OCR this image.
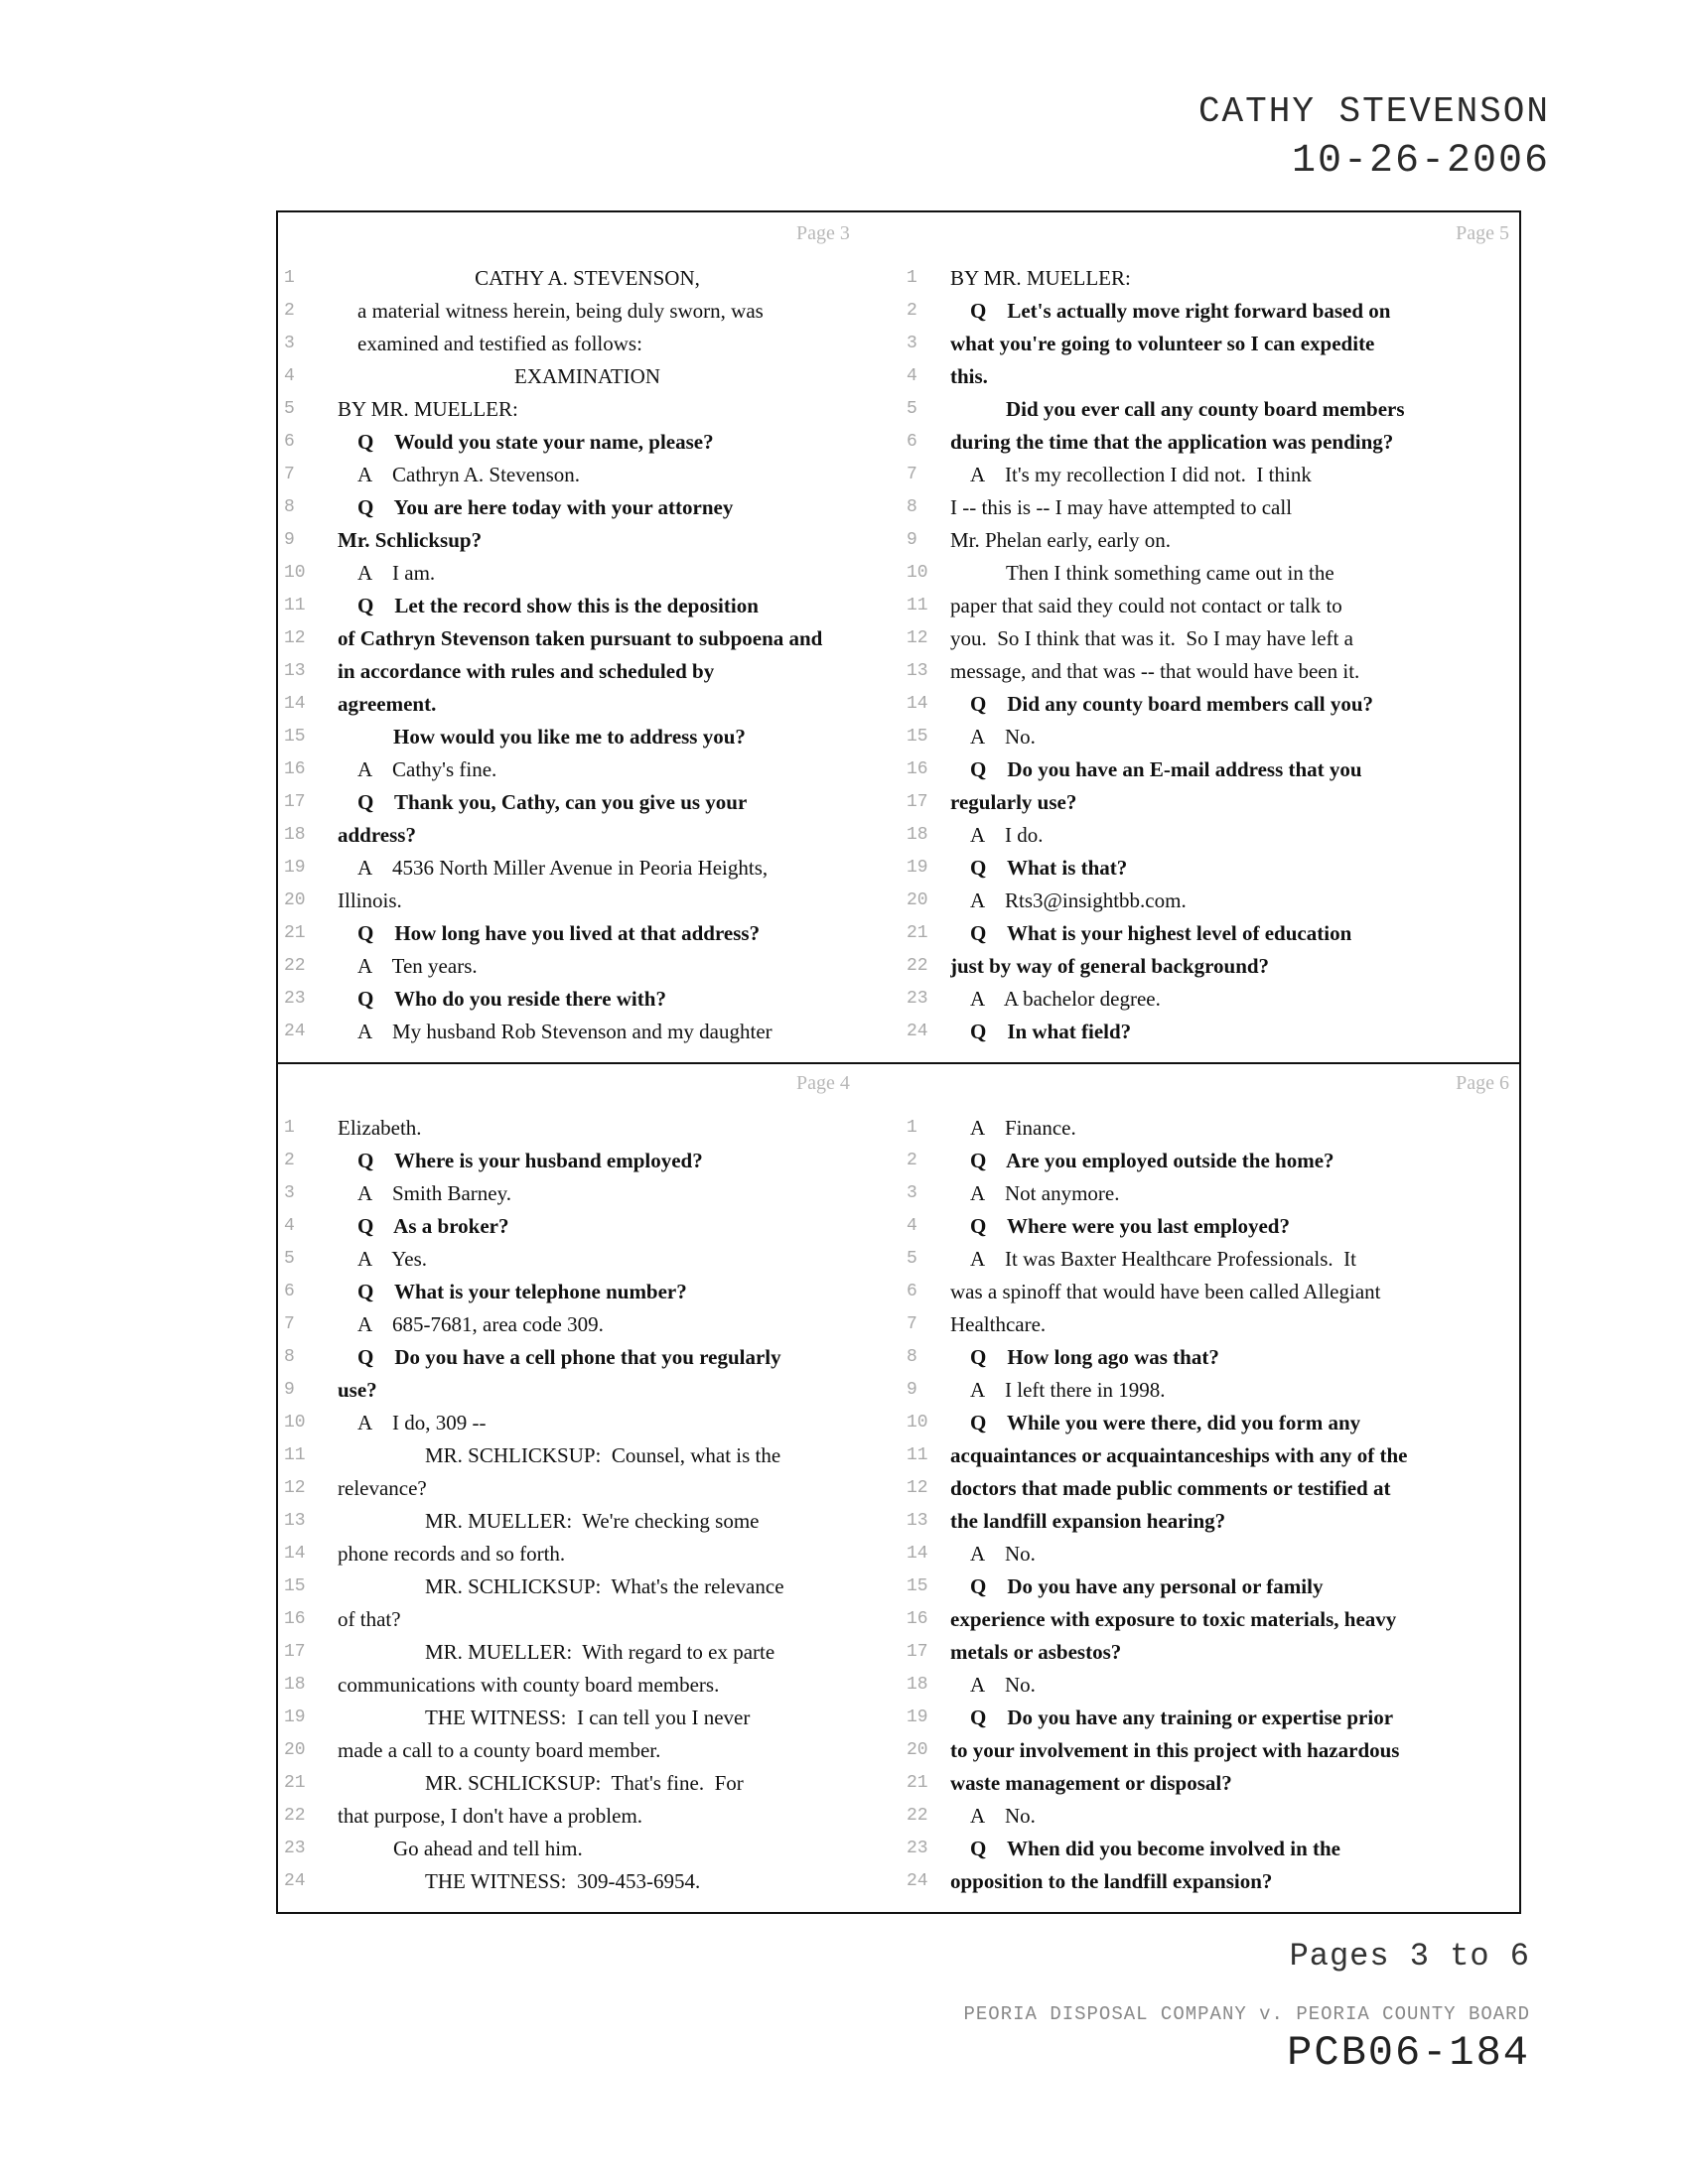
CATHY STEVENSON
10-26-2006
Page 3
1	CATHY A. STEVENSON,
2	a material witness herein, being duly sworn, was
3	examined and testified as follows:
4	EXAMINATION
5	BY MR. MUELLER:
6	Q    Would you state your name, please?
7	A    Cathryn A. Stevenson.
8	Q    You are here today with your attorney
9	Mr. Schlicksup?
10	A    I am.
11	Q    Let the record show this is the deposition
12	of Cathryn Stevenson taken pursuant to subpoena and
13	in accordance with rules and scheduled by
14	agreement.
15	How would you like me to address you?
16	A    Cathy's fine.
17	Q    Thank you, Cathy, can you give us your
18	address?
19	A    4536 North Miller Avenue in Peoria Heights,
20	Illinois.
21	Q    How long have you lived at that address?
22	A    Ten years.
23	Q    Who do you reside there with?
24	A    My husband Rob Stevenson and my daughter
Page 5
1	BY MR. MUELLER:
2	Q    Let's actually move right forward based on
3	what you're going to volunteer so I can expedite
4	this.
5	Did you ever call any county board members
6	during the time that the application was pending?
7	A    It's my recollection I did not.  I think
8	I -- this is -- I may have attempted to call
9	Mr. Phelan early, early on.
10	Then I think something came out in the
11	paper that said they could not contact or talk to
12	you.  So I think that was it.  So I may have left a
13	message, and that was -- that would have been it.
14	Q    Did any county board members call you?
15	A    No.
16	Q    Do you have an E-mail address that you
17	regularly use?
18	A    I do.
19	Q    What is that?
20	A    Rts3@insightbb.com.
21	Q    What is your highest level of education
22	just by way of general background?
23	A    A bachelor degree.
24	Q    In what field?
Page 4
1	Elizabeth.
2	Q    Where is your husband employed?
3	A    Smith Barney.
4	Q    As a broker?
5	A    Yes.
6	Q    What is your telephone number?
7	A    685-7681, area code 309.
8	Q    Do you have a cell phone that you regularly
9	use?
10	A    I do, 309 --
11	MR. SCHLICKSUP:  Counsel, what is the
12	relevance?
13	MR. MUELLER:  We're checking some
14	phone records and so forth.
15	MR. SCHLICKSUP:  What's the relevance
16	of that?
17	MR. MUELLER:  With regard to ex parte
18	communications with county board members.
19	THE WITNESS:  I can tell you I never
20	made a call to a county board member.
21	MR. SCHLICKSUP:  That's fine.  For
22	that purpose, I don't have a problem.
23	Go ahead and tell him.
24	THE WITNESS:  309-453-6954.
Page 6
1	A    Finance.
2	Q    Are you employed outside the home?
3	A    Not anymore.
4	Q    Where were you last employed?
5	A    It was Baxter Healthcare Professionals.  It
6	was a spinoff that would have been called Allegiant
7	Healthcare.
8	Q    How long ago was that?
9	A    I left there in 1998.
10	Q    While you were there, did you form any
11	acquaintances or acquaintanceships with any of the
12	doctors that made public comments or testified at
13	the landfill expansion hearing?
14	A    No.
15	Q    Do you have any personal or family
16	experience with exposure to toxic materials, heavy
17	metals or asbestos?
18	A    No.
19	Q    Do you have any training or expertise prior
20	to your involvement in this project with hazardous
21	waste management or disposal?
22	A    No.
23	Q    When did you become involved in the
24	opposition to the landfill expansion?
Pages 3 to 6
PEORIA DISPOSAL COMPANY v. PEORIA COUNTY BOARD
PCB06-184
